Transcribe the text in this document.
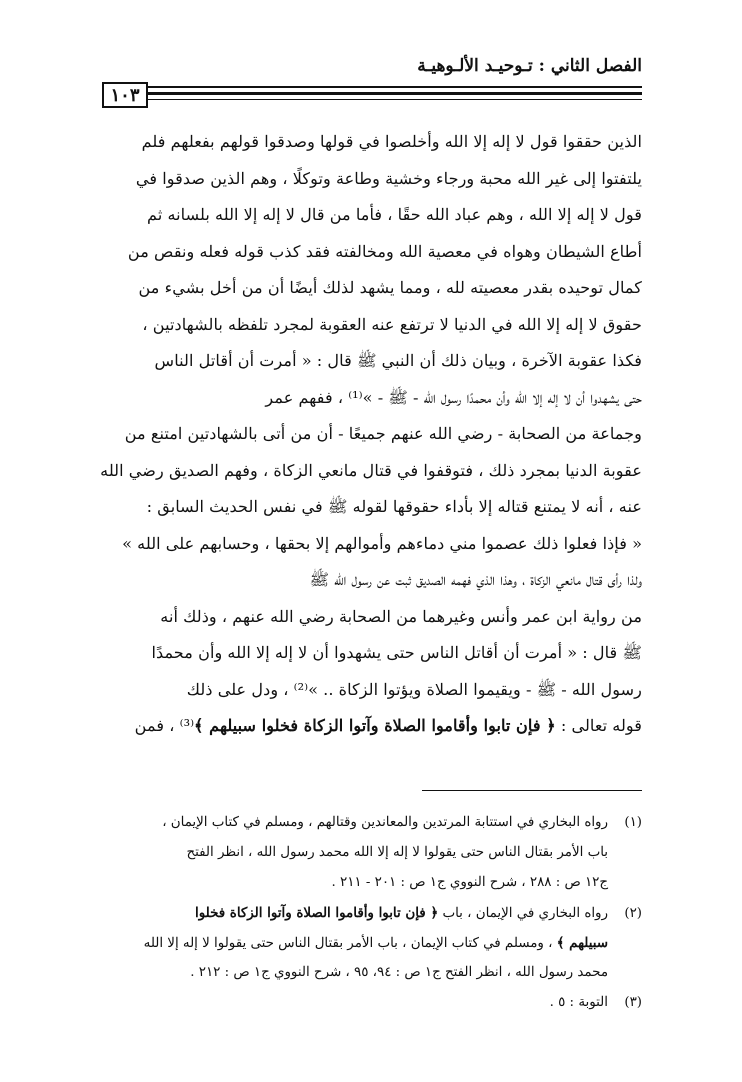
الفصل الثاني : تـوحيـد الألـوهيـة
١٠٣
الذين حققوا قول لا إله إلا الله وأخلصوا في قولها وصدقوا قولهم بفعلهم فلم
يلتفتوا إلى غير الله محبة ورجاء وخشية وطاعة وتوكلًا ، وهم الذين صدقوا في
قول لا إله إلا الله ، وهم عباد الله حقًا ، فأما من قال لا إله إلا الله بلسانه ثم
أطاع الشيطان وهواه في معصية الله ومخالفته فقد كذب قوله فعله ونقص من
كمال توحيده بقدر معصيته لله ، ومما يشهد لذلك أيضًا أن من أخل بشيء من
حقوق لا إله إلا الله في الدنيا لا ترتفع عنه العقوبة لمجرد تلفظه بالشهادتين ،
فكذا عقوبة الآخرة ، وبيان ذلك أن النبي ﷺ قال : « أمرت أن أقاتل الناس
حتى يشهدوا أن لا إله إلا الله وأن محمدًا رسول الله - ﷺ - »⁽¹⁾ ، ففهم عمر
وجماعة من الصحابة - رضي الله عنهم جميعًا - أن من أتى بالشهادتين امتنع من
عقوبة الدنيا بمجرد ذلك ، فتوقفوا في قتال مانعي الزكاة ، وفهم الصديق رضي الله
عنه ، أنه لا يمتنع قتاله إلا بأداء حقوقها لقوله ﷺ في نفس الحديث السابق :
« فإذا فعلوا ذلك عصموا مني دماءهم وأموالهم إلا بحقها ، وحسابهم على الله »
ولذا رأى قتال مانعي الزكاة ، وهذا الذي فهمه الصديق ثبت عن رسول الله ﷺ
من رواية ابن عمر وأنس وغيرهما من الصحابة رضي الله عنهم ، وذلك أنه
ﷺ قال : « أمرت أن أقاتل الناس حتى يشهدوا أن لا إله إلا الله وأن محمدًا
رسول الله - ﷺ - ويقيموا الصلاة ويؤتوا الزكاة .. »⁽²⁾ ، ودل على ذلك
قوله تعالى : ﴿ فإن تابوا وأقاموا الصلاة وآتوا الزكاة فخلوا سبيلهم ﴾⁽³⁾ ، فمن
(١)رواه البخاري في استتابة المرتدين والمعاندين وقتالهم ، ومسلم في كتاب الإيمان ،
باب الأمر بقتال الناس حتى يقولوا لا إله إلا الله محمد رسول الله ، انظر الفتح
ج١٢ ص : ٢٨٨ ، شرح النووي ج١ ص : ٢٠١ - ٢١١ .
(٢)رواه البخاري في الإيمان ، باب ﴿ فإن تابوا وأقاموا الصلاة وآتوا الزكاة فخلوا
سبيلهم ﴾ ، ومسلم في كتاب الإيمان ، باب الأمر بقتال الناس حتى يقولوا لا إله إلا الله
محمد رسول الله ، انظر الفتح ج١ ص : ٩٤، ٩٥ ، شرح النووي ج١ ص : ٢١٢ .
(٣)التوبة : ٥ .
